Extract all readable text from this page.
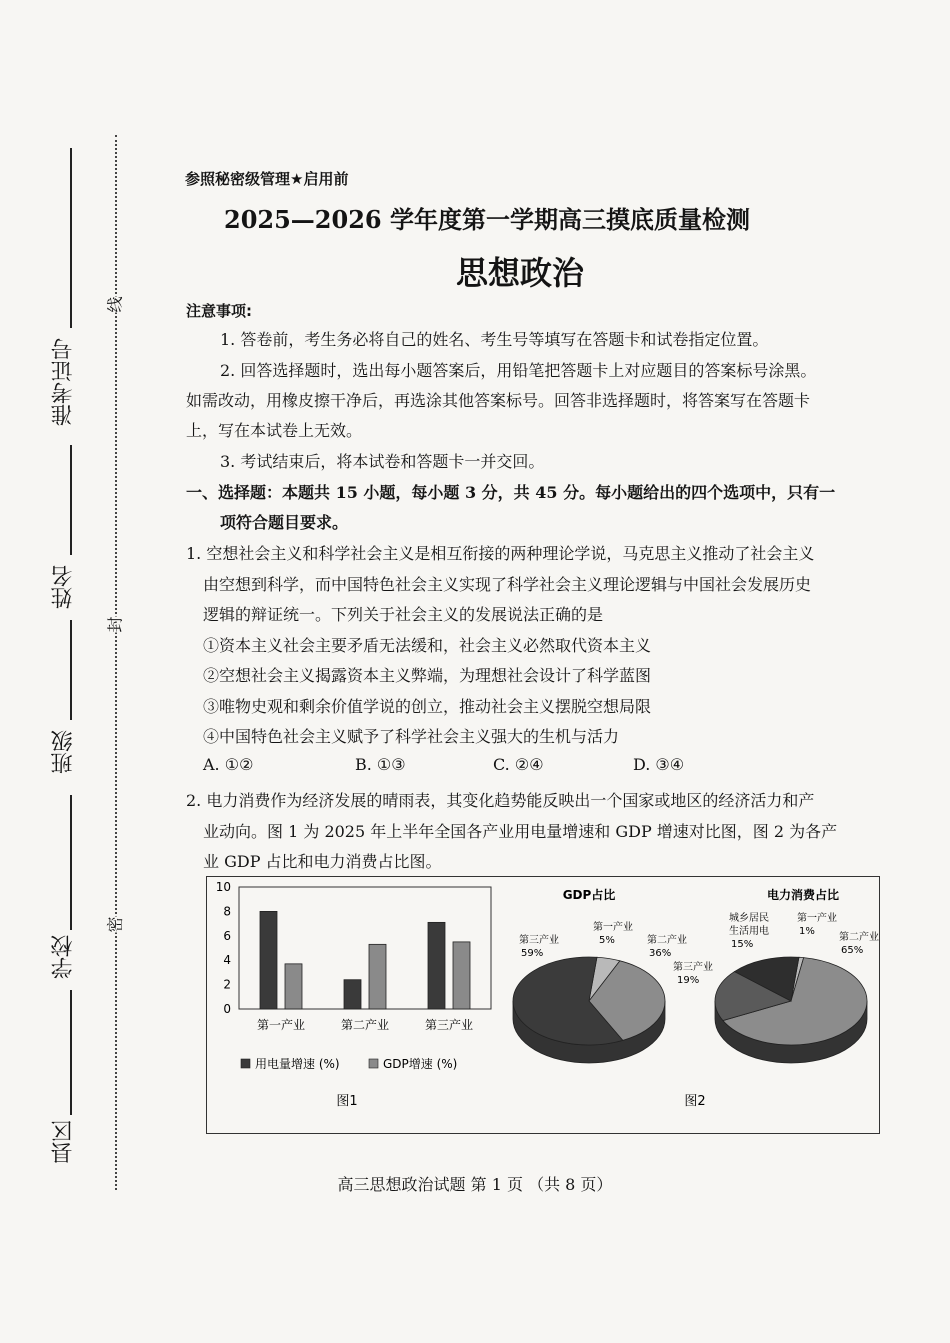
线
封
密
准考证号
姓名
班级
学校
县区
参照秘密级管理★启用前
2025—2026 学年度第一学期高三摸底质量检测
思想政治
注意事项:
1. 答卷前，考生务必将自己的姓名、考生号等填写在答题卡和试卷指定位置。
2. 回答选择题时，选出每小题答案后，用铅笔把答题卡上对应题目的答案标号涂黑。
如需改动，用橡皮擦干净后，再选涂其他答案标号。回答非选择题时，将答案写在答题卡
上，写在本试卷上无效。
3. 考试结束后，将本试卷和答题卡一并交回。
一、选择题：本题共 15 小题，每小题 3 分，共 45 分。每小题给出的四个选项中，只有一
项符合题目要求。
1. 空想社会主义和科学社会主义是相互衔接的两种理论学说，马克思主义推动了社会主义
由空想到科学，而中国特色社会主义实现了科学社会主义理论逻辑与中国社会发展历史
逻辑的辩证统一。下列关于社会主义的发展说法正确的是
①资本主义社会主要矛盾无法缓和，社会主义必然取代资本主义
②空想社会主义揭露资本主义弊端，为理想社会设计了科学蓝图
③唯物史观和剩余价值学说的创立，推动社会主义摆脱空想局限
④中国特色社会主义赋予了科学社会主义强大的生机与活力
A. ①②	B. ①③	C. ②④	D. ③④
2. 电力消费作为经济发展的晴雨表，其变化趋势能反映出一个国家或地区的经济活力和产
业动向。图 1 为 2025 年上半年全国各产业用电量增速和 GDP 增速对比图，图 2 为各产
业 GDP 占比和电力消费占比图。
0
2
4
6
8
10
第一产业	第二产业	第三产业
用电量增速 (%)	GDP增速 (%)
图1
GDP占比	电力消费占比
第三产业
59%
第一产业
5%	第二产业
36%
城乡居民
生活用电
15%
第一产业
1%
第二产业
65%
第三产业
19%
图2
高三思想政治试题 第 1 页 （共 8 页）
